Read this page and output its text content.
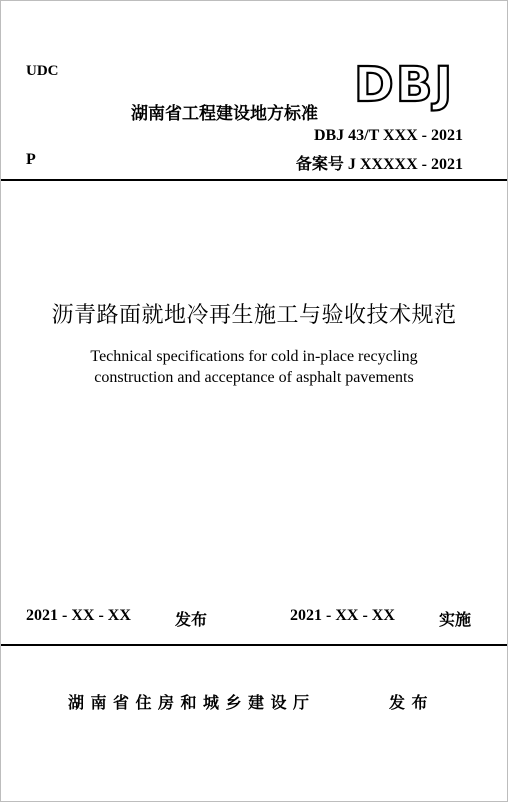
UDC
湖南省工程建设地方标准
DBJ
DBJ 43/T XXX - 2021
P	备案号 J XXXXX - 2021
沥青路面就地冷再生施工与验收技术规范
Technical specifications for cold in-place recycling
construction and acceptance of asphalt pavements
2021 - XX - XX	发布	2021 - XX - XX	实施
湖南省住房和城乡建设厅	发布
